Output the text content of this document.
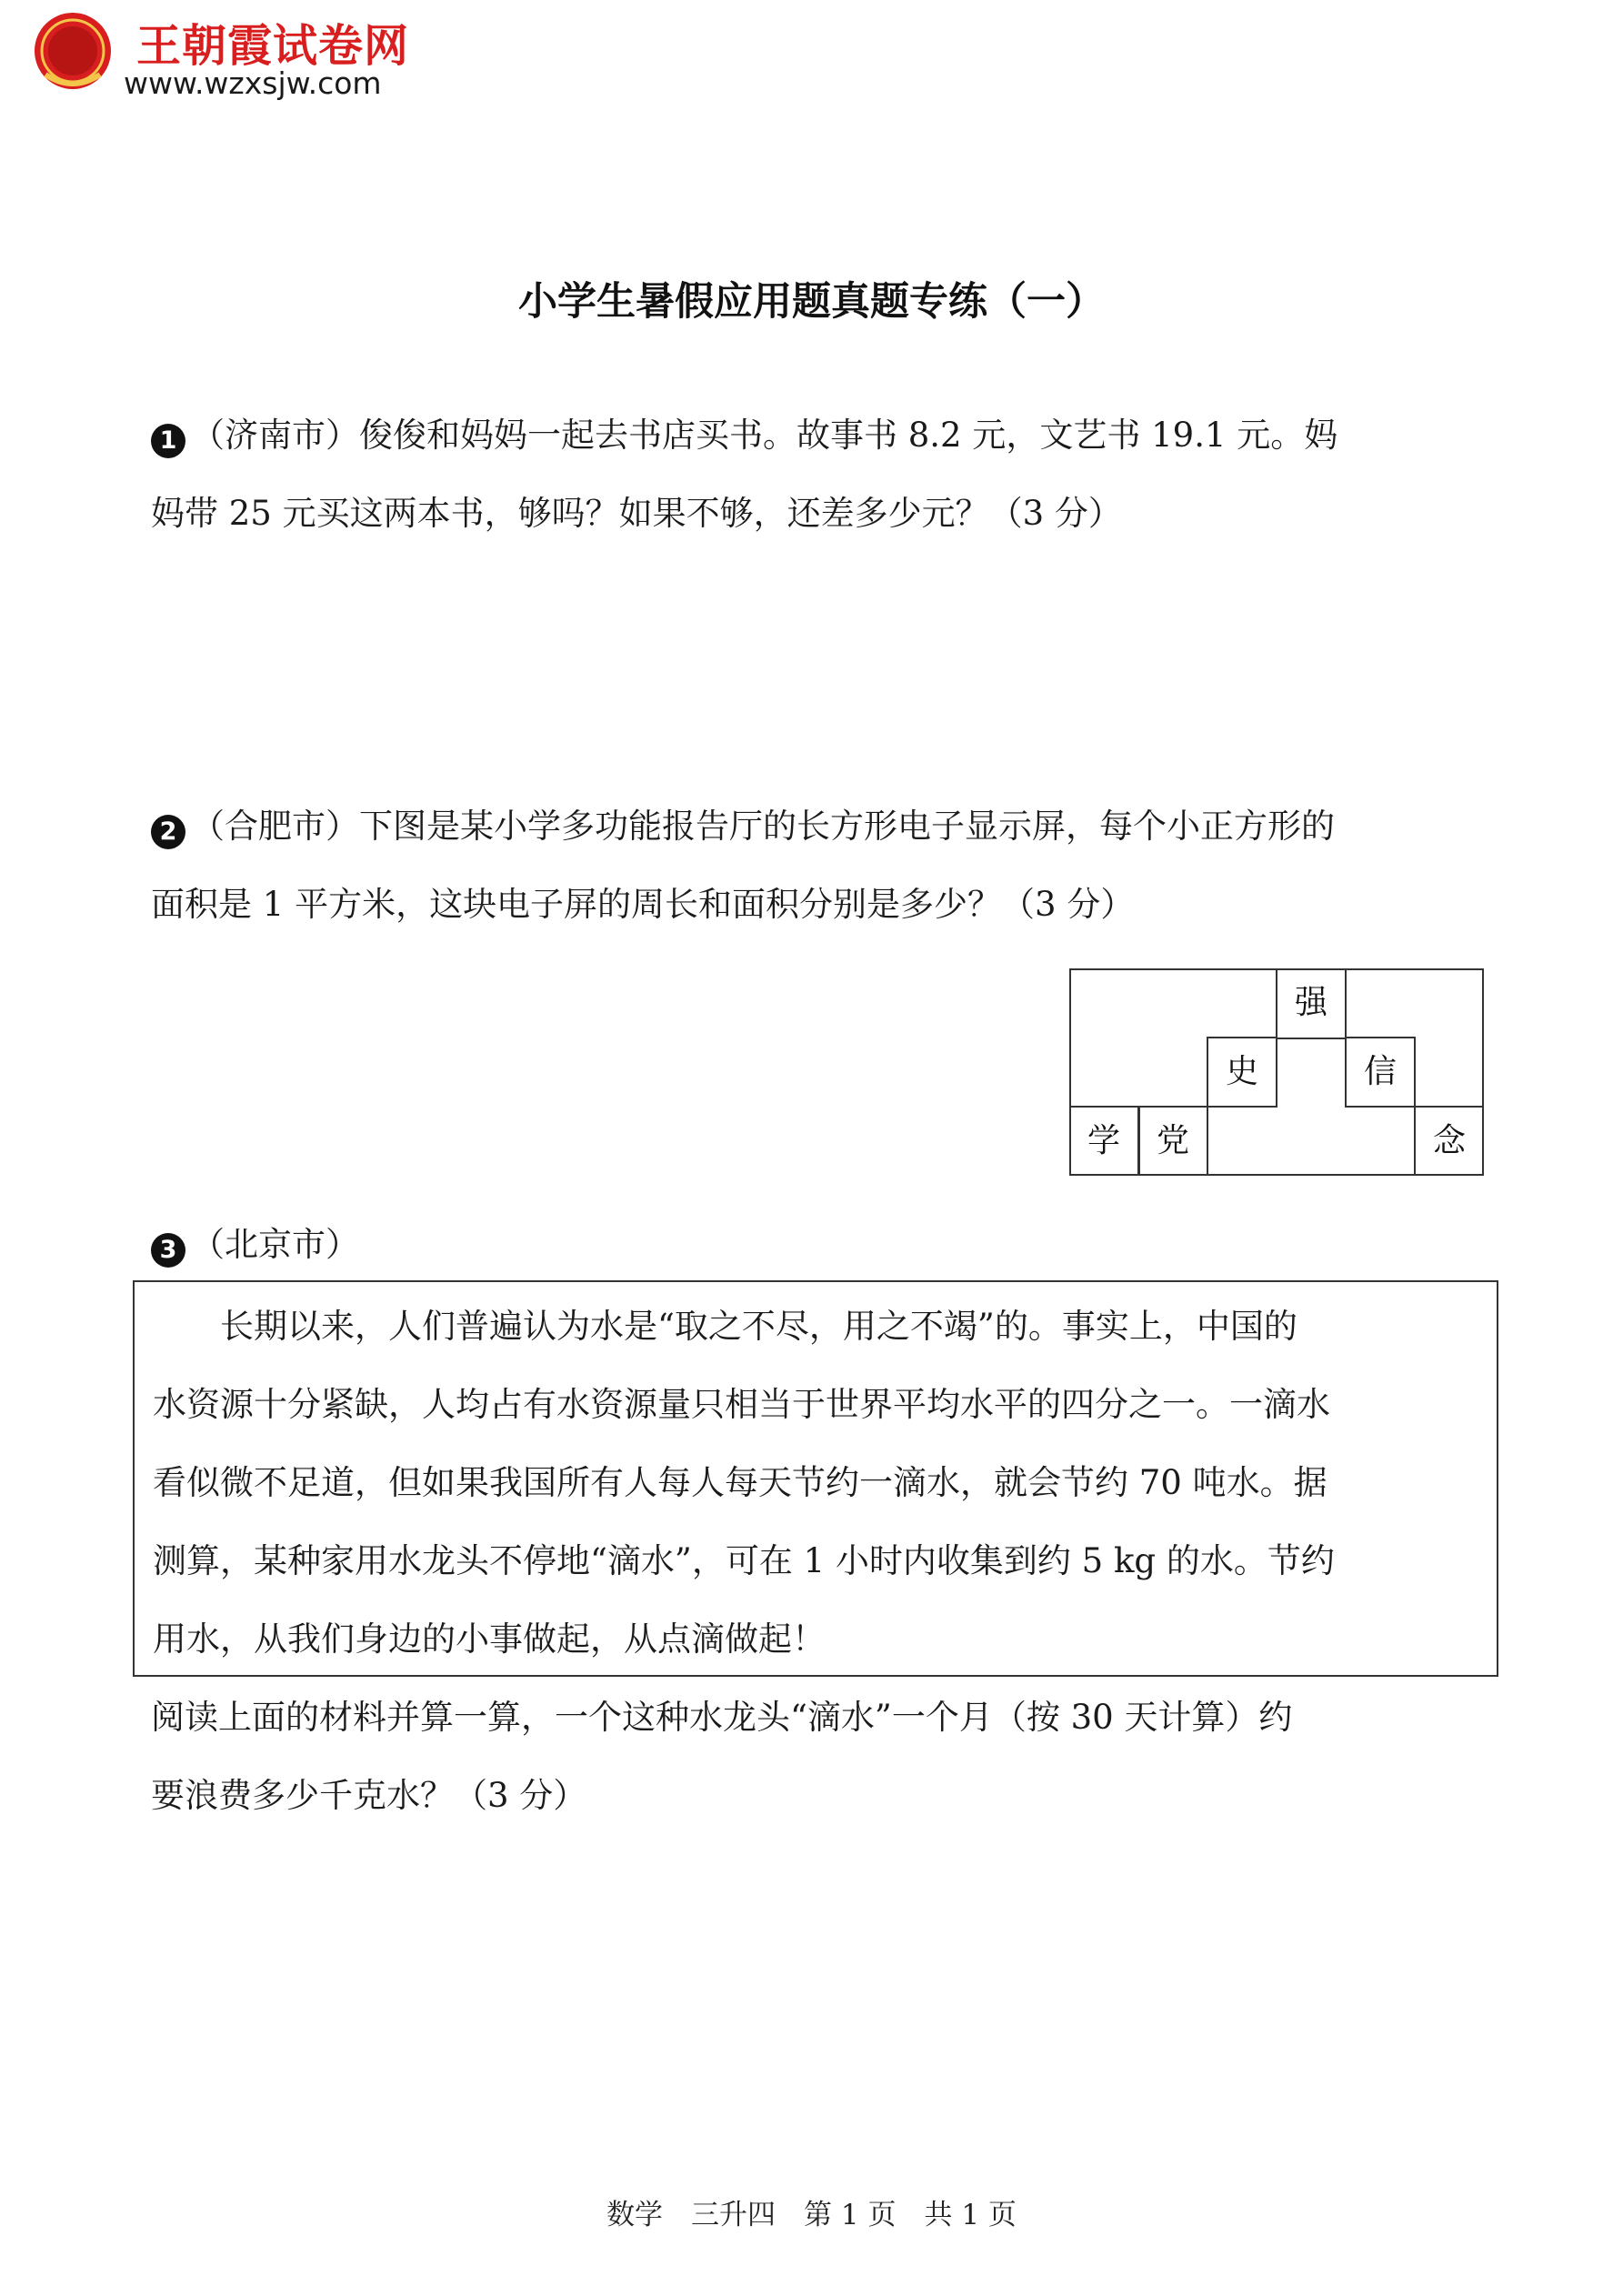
王朝霞试卷网
www.wzxsjw.com
小学生暑假应用题真题专练（一）

1 （济南市）俊俊和妈妈一起去书店买书。故事书 8.2 元，文艺书 19.1 元。妈

妈带 25 元买这两本书，够吗？如果不够，还差多少元？（3 分）

2 （合肥市）下图是某小学多功能报告厅的长方形电子显示屏，每个小正方形的

面积是 1 平方米，这块电子屏的周长和面积分别是多少？（3 分）

强
史	信
学	党	念

3 （北京市）

　　长期以来，人们普遍认为水是“取之不尽，用之不竭”的。事实上，中国的

水资源十分紧缺，人均占有水资源量只相当于世界平均水平的四分之一。一滴水

看似微不足道，但如果我国所有人每人每天节约一滴水，就会节约 70 吨水。据

测算，某种家用水龙头不停地“滴水”，可在 1 小时内收集到约 5 kg 的水。节约

用水，从我们身边的小事做起，从点滴做起！

阅读上面的材料并算一算，一个这种水龙头“滴水”一个月（按 30 天计算）约

要浪费多少千克水？（3 分）

数学　三升四　第 1 页　共 1 页
